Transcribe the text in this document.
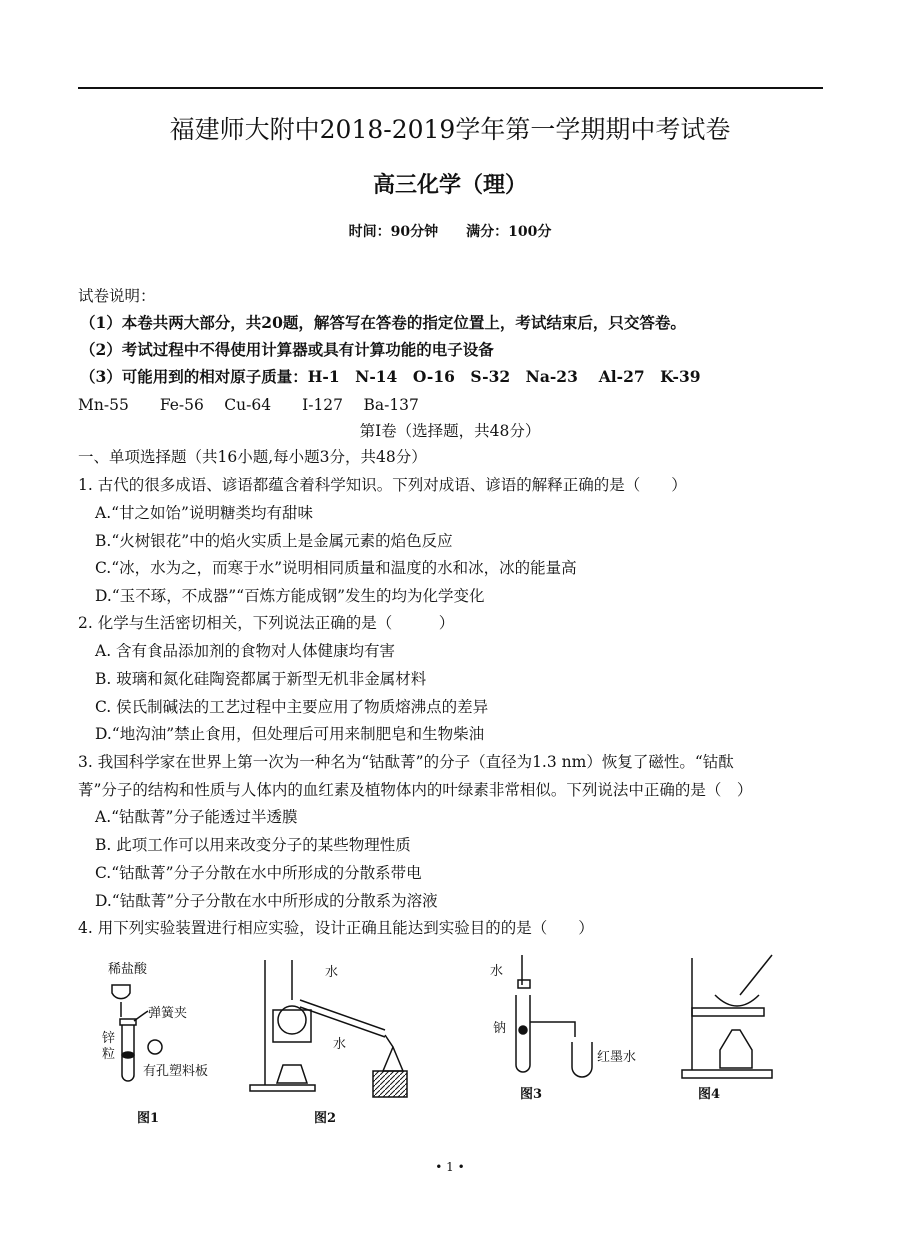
福建师大附中2018-2019学年第一学期期中考试卷
高三化学（理）
时间：90分钟 满分：100分
试卷说明：
（1）本卷共两大部分，共20题，解答写在答卷的指定位置上，考试结束后，只交答卷。
（2）考试过程中不得使用计算器或具有计算功能的电子设备
（3）可能用到的相对原子质量：H-1　N-14　O-16　S-32　Na-23　 Al-27　K-39
Mn-55　　Fe-56　 Cu-64　　I-127　 Ba-137
第Ⅰ卷（选择题，共48分）
一、单项选择题（共16小题,每小题3分，共48分）
1. 古代的很多成语、谚语都蕴含着科学知识。下列对成语、谚语的解释正确的是（　　）
A.“甘之如饴”说明糖类均有甜味
B.“火树银花”中的焰火实质上是金属元素的焰色反应
C.“冰，水为之，而寒于水”说明相同质量和温度的水和冰，冰的能量高
D.“玉不琢，不成器”“百炼方能成钢”发生的均为化学变化
2. 化学与生活密切相关，下列说法正确的是（　　　）
A. 含有食品添加剂的食物对人体健康均有害
B. 玻璃和氮化硅陶瓷都属于新型无机非金属材料
C. 侯氏制碱法的工艺过程中主要应用了物质熔沸点的差异
D.“地沟油”禁止食用，但处理后可用来制肥皂和生物柴油
3. 我国科学家在世界上第一次为一种名为“钴酞菁”的分子（直径为1.3 nm）恢复了磁性。“钴酞
菁”分子的结构和性质与人体内的血红素及植物体内的叶绿素非常相似。下列说法中正确的是（　）
A.“钴酞菁”分子能透过半透膜
B. 此项工作可以用来改变分子的某些物理性质
C.“钴酞菁”分子分散在水中所形成的分散系带电
D.“钴酞菁”分子分散在水中所形成的分散系为溶液
4. 用下列实验装置进行相应实验，设计正确且能达到实验目的的是（　　）
稀盐酸
弹簧夹
锌
粒
有孔塑料板
图1
水
水
图2
水
钠
红墨水
图3	图4
• 1 •
